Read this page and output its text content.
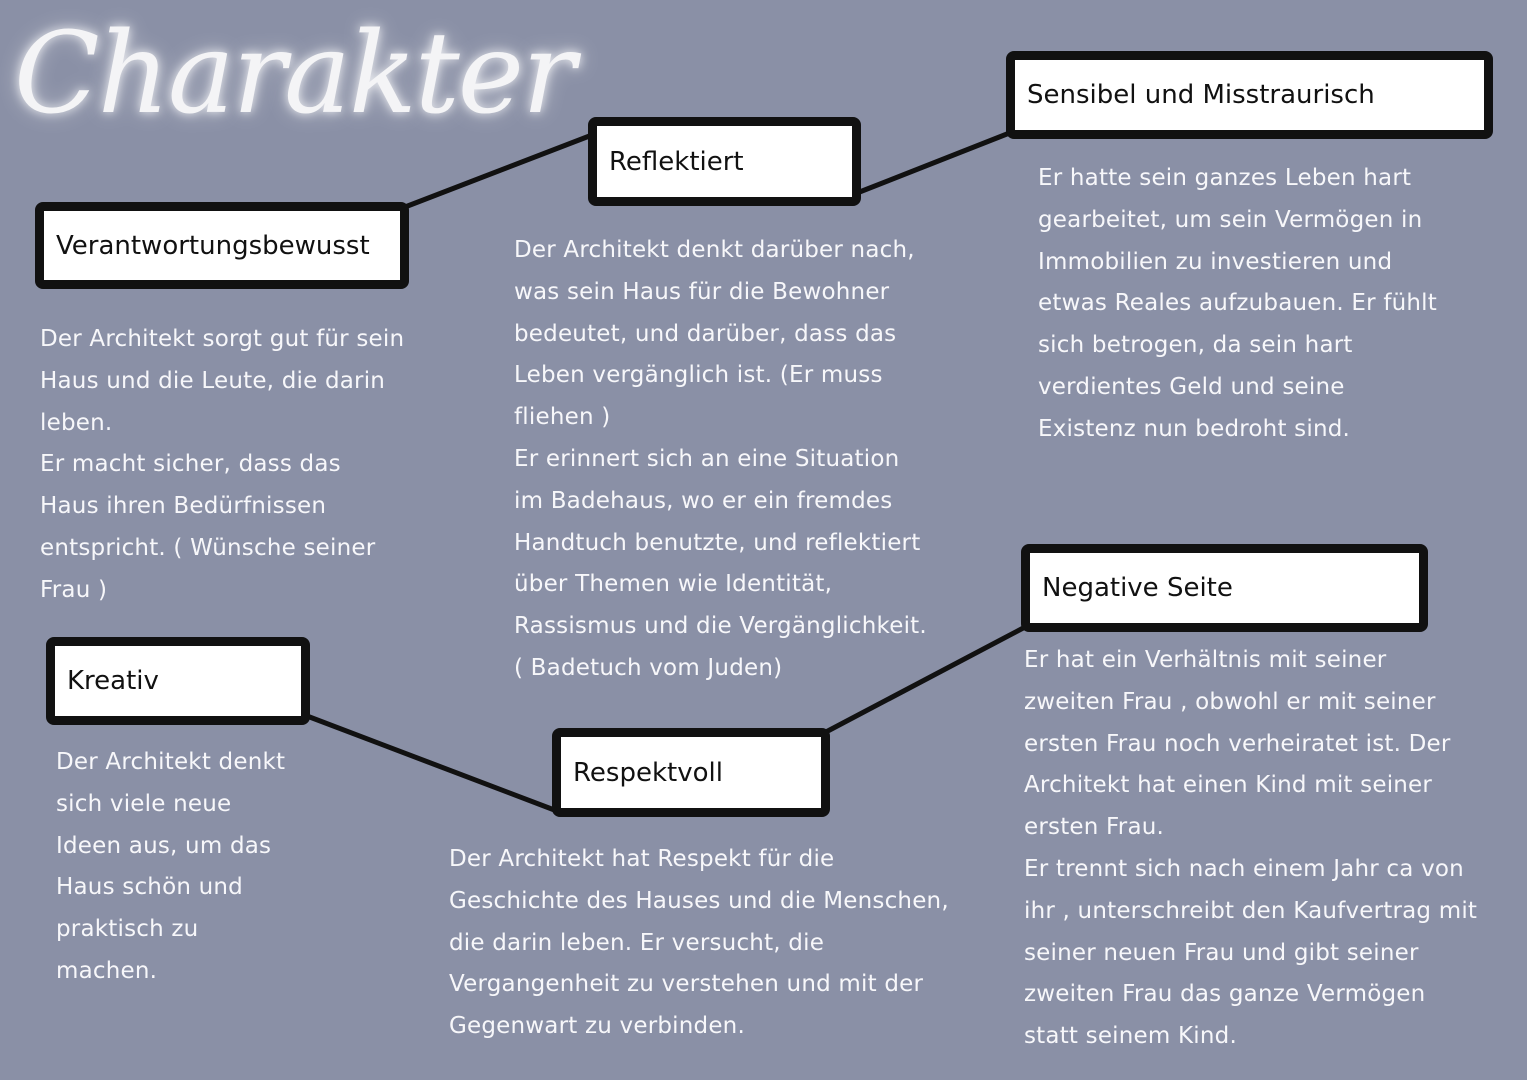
Charakter
Verantwortungsbewusst
Der Architekt sorgt gut für sein
Haus und die Leute, die darin
leben.
Er macht sicher, dass das
Haus ihren Bedürfnissen
entspricht. ( Wünsche seiner
Frau )
Reflektiert
Der Architekt denkt darüber nach,
was sein Haus für die Bewohner
bedeutet, und darüber, dass das
Leben vergänglich ist. (Er muss
fliehen )
Er erinnert sich an eine Situation
im Badehaus, wo er ein fremdes
Handtuch benutzte, und reflektiert
über Themen wie Identität,
Rassismus und die Vergänglichkeit.
( Badetuch vom Juden)
Sensibel und Misstraurisch
Er hatte sein ganzes Leben hart
gearbeitet, um sein Vermögen in
Immobilien zu investieren und
etwas Reales aufzubauen. Er fühlt
sich betrogen, da sein hart
verdientes Geld und seine
Existenz nun bedroht sind.
Kreativ
Der Architekt denkt
sich viele neue
Ideen aus, um das
Haus schön und
praktisch zu
machen.
Respektvoll
Der Architekt hat Respekt für die
Geschichte des Hauses und die Menschen,
die darin leben. Er versucht, die
Vergangenheit zu verstehen und mit der
Gegenwart zu verbinden.
Negative Seite
Er hat ein Verhältnis mit seiner
zweiten Frau , obwohl er mit seiner
ersten Frau noch verheiratet ist. Der
Architekt hat einen Kind mit seiner
ersten Frau.
Er trennt sich nach einem Jahr ca von
ihr , unterschreibt den Kaufvertrag mit
seiner neuen Frau und gibt seiner
zweiten Frau das ganze Vermögen
statt seinem Kind.
